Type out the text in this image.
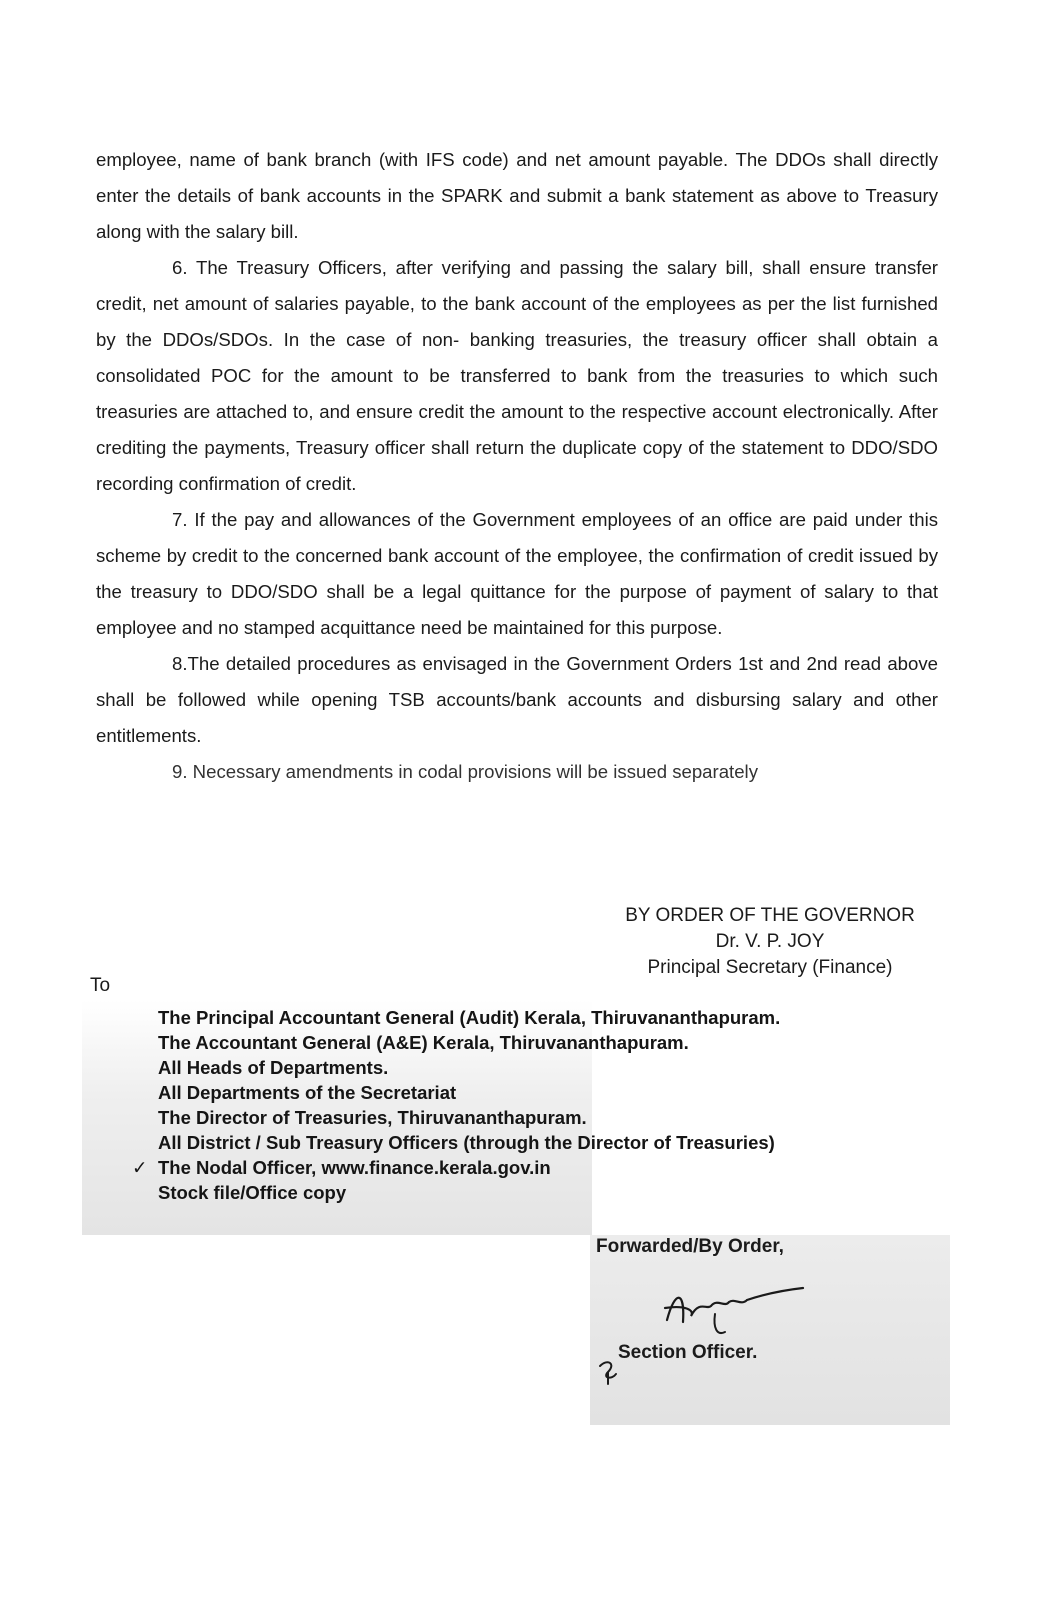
employee, name of bank branch (with IFS code) and net amount payable. The DDOs shall directly enter the details of bank accounts in the SPARK and submit a bank statement as above to Treasury along with the salary bill.

6. The Treasury Officers, after verifying and passing the salary bill, shall ensure transfer credit, net amount of salaries payable, to the bank account of the employees as per the list furnished by the DDOs/SDOs. In the case of non- banking treasuries, the treasury officer shall obtain a consolidated POC for the amount to be transferred to bank from the treasuries to which such treasuries are attached to, and ensure credit the amount to the respective account electronically. After crediting the payments, Treasury officer shall return the duplicate copy of the statement to DDO/SDO recording confirmation of credit.

7. If the pay and allowances of the Government employees of an office are paid under this scheme by credit to the concerned bank account of the employee, the confirmation of credit issued by the treasury to DDO/SDO shall be a legal quittance for the purpose of payment of salary to that employee and no stamped acquittance need be maintained for this purpose.

8.The detailed procedures as envisaged in the Government Orders 1st and 2nd read above shall be followed while opening TSB accounts/bank accounts and disbursing salary and other entitlements.

9. Necessary amendments in codal provisions will be issued separately

BY ORDER OF THE GOVERNOR
Dr. V. P. JOY
Principal Secretary (Finance)
To
The Principal Accountant General (Audit) Kerala, Thiruvananthapuram.
The Accountant General (A&E) Kerala, Thiruvananthapuram.
All Heads of Departments.
All Departments of the Secretariat
The Director of Treasuries, Thiruvananthapuram.
All District / Sub Treasury Officers (through the Director of Treasuries)
✓ The Nodal Officer, www.finance.kerala.gov.in
Stock file/Office copy
Forwarded/By Order,
Section Officer.
